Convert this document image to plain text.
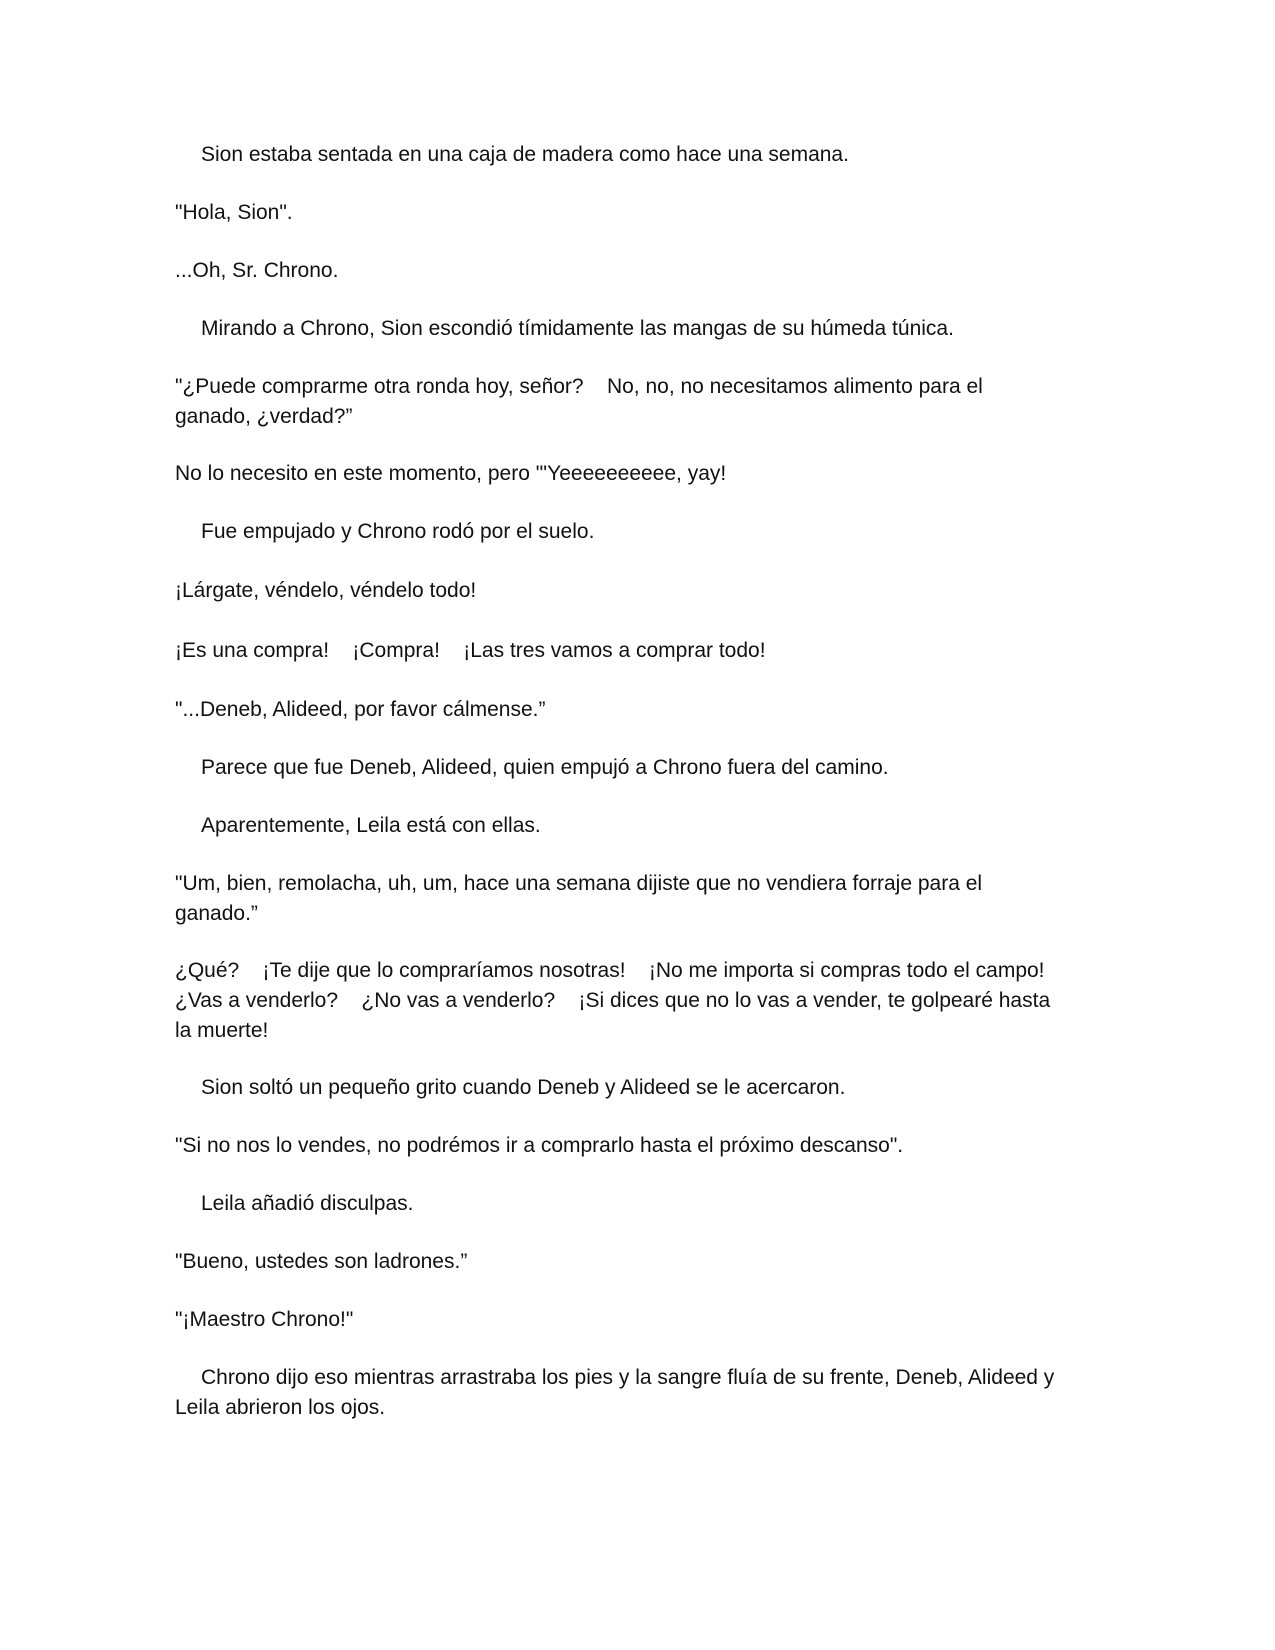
Sion estaba sentada en una caja de madera como hace una semana.

"Hola, Sion".

...Oh, Sr. Chrono.

Mirando a Chrono, Sion escondió tímidamente las mangas de su húmeda túnica.

"¿Puede comprarme otra ronda hoy, señor?    No, no, no necesitamos alimento para el ganado, ¿verdad?”

No lo necesito en este momento, pero "'Yeeeeeeeeee, yay!

Fue empujado y Chrono rodó por el suelo.

¡Lárgate, véndelo, véndelo todo!

¡Es una compra!    ¡Compra!    ¡Las tres vamos a comprar todo!

"...Deneb, Alideed, por favor cálmense.”

Parece que fue Deneb, Alideed, quien empujó a Chrono fuera del camino.

Aparentemente, Leila está con ellas.

"Um, bien, remolacha, uh, um, hace una semana dijiste que no vendiera forraje para el ganado.”

¿Qué?    ¡Te dije que lo compraríamos nosotras!    ¡No me importa si compras todo el campo!    ¿Vas a venderlo?    ¿No vas a venderlo?    ¡Si dices que no lo vas a vender, te golpearé hasta la muerte!

Sion soltó un pequeño grito cuando Deneb y Alideed se le acercaron.

"Si no nos lo vendes, no podrémos ir a comprarlo hasta el próximo descanso".

Leila añadió disculpas.

"Bueno, ustedes son ladrones.”

"¡Maestro Chrono!"

Chrono dijo eso mientras arrastraba los pies y la sangre fluía de su frente, Deneb, Alideed y Leila abrieron los ojos.
